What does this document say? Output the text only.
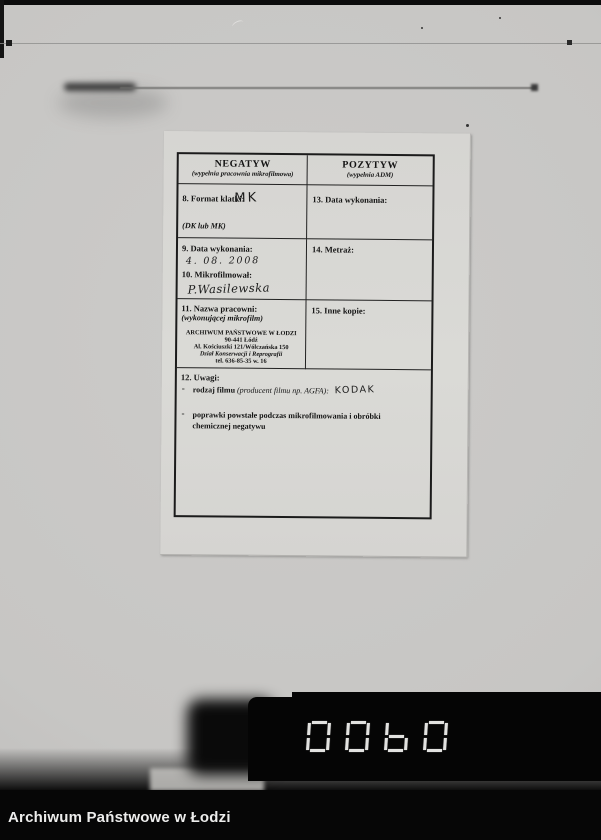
NEGATYW
(wypełnia pracownia mikrofilmowa)
POZYTYW
(wypełnia ADM)
8. Format klatki:
MK
(DK lub MK)
13. Data wykonania:
9. Data wykonania:
4. 08. 2008
10. Mikrofilmował:
P.Wasilewska
14. Metraż:
11. Nazwa pracowni:
(wykonującej mikrofilm)
ARCHIWUM PAŃSTWOWE W ŁODZI
90-441 Łódź
Al. Kościuszki 121/Wólczańska 150
Dział Konserwacji i Reprografii
tel. 636-85-35 w. 16
15. Inne kopie:
12. Uwagi:
- rodzaj filmu (producent filmu np. AGFA): KODAK
- poprawki powstałe podczas mikrofilmowania i obróbki chemicznej negatywu
Archiwum Państwowe w Łodzi
